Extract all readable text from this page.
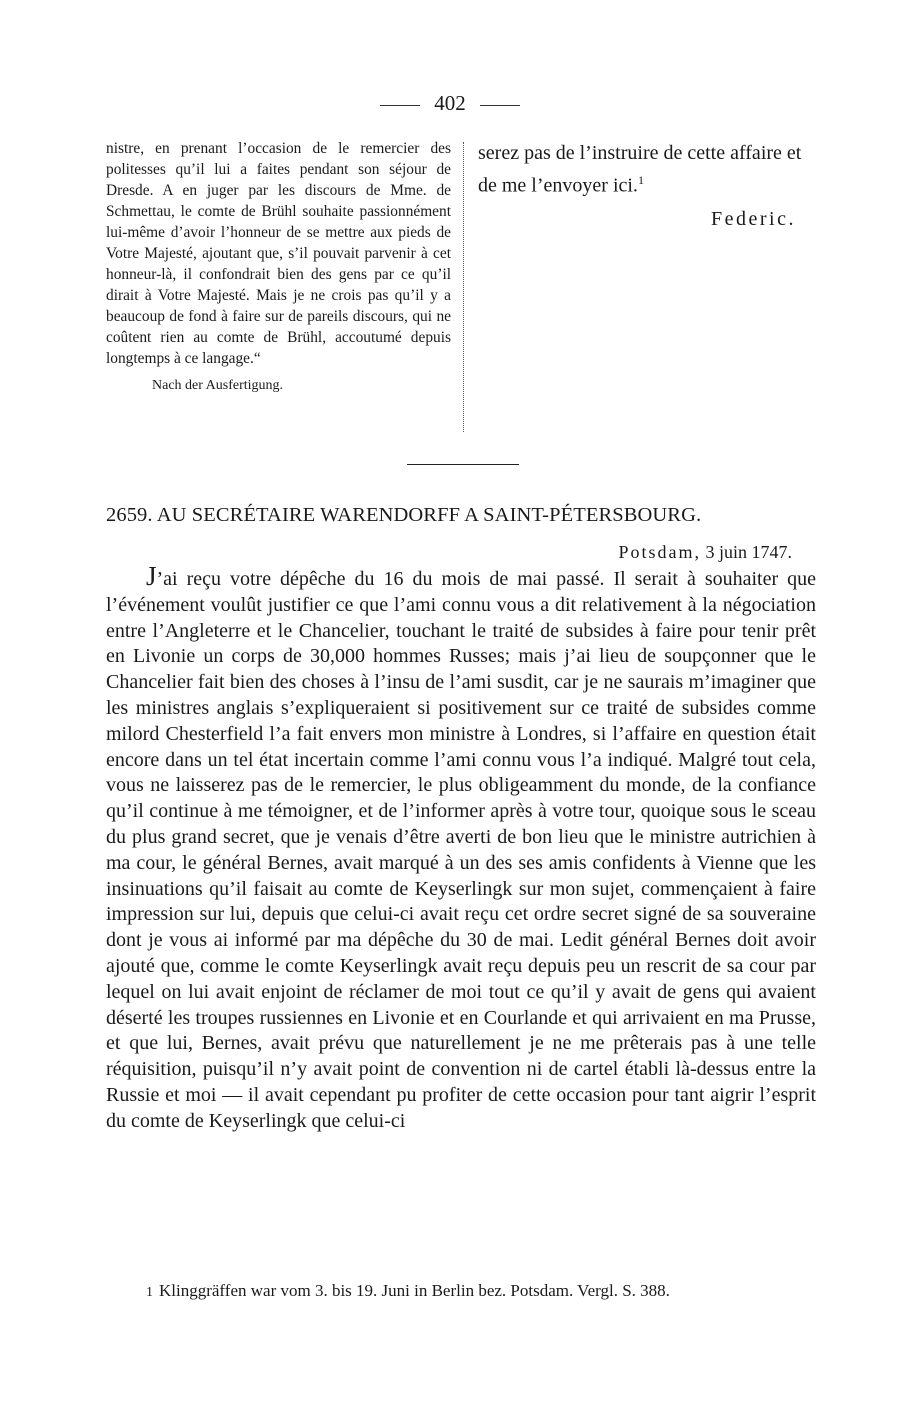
402

nistre, en prenant l’occasion de le remercier des politesses qu’il lui a faites pendant son séjour de Dresde. A en juger par les discours de Mme. de Schmettau, le comte de Brühl souhaite passionnément lui-même d’avoir l’honneur de se mettre aux pieds de Votre Majesté, ajoutant que, s’il pouvait parvenir à cet honneur-là, il confondrait bien des gens par ce qu’il dirait à Votre Majesté. Mais je ne crois pas qu’il y a beaucoup de fond à faire sur de pareils discours, qui ne coûtent rien au comte de Brühl, accoutumé depuis longtemps à ce langage.“

Nach der Ausfertigung.

serez pas de l’instruire de cette affaire et de me l’envoyer ici.$^1$

Federic.

2659. AU SECRÉTAIRE WARENDORFF A SAINT-PÉTERSBOURG.
Potsdam, 3 juin 1747.

J’ai reçu votre dépêche du 16 du mois de mai passé. Il serait à souhaiter que l’événement voulût justifier ce que l’ami connu vous a dit relativement à la négociation entre l’Angleterre et le Chancelier, touchant le traité de subsides à faire pour tenir prêt en Livonie un corps de 30,000 hommes Russes; mais j’ai lieu de soupçonner que le Chancelier fait bien des choses à l’insu de l’ami susdit, car je ne saurais m’imaginer que les ministres anglais s’expliqueraient si positivement sur ce traité de subsides comme milord Chesterfield l’a fait envers mon ministre à Londres, si l’affaire en question était encore dans un tel état incertain comme l’ami connu vous l’a indiqué. Malgré tout cela, vous ne laisserez pas de le remercier, le plus obligeamment du monde, de la confiance qu’il continue à me témoigner, et de l’informer après à votre tour, quoique sous le sceau du plus grand secret, que je venais d’être averti de bon lieu que le ministre autrichien à ma cour, le général Bernes, avait marqué à un des ses amis confidents à Vienne que les insinuations qu’il faisait au comte de Keyserlingk sur mon sujet, commençaient à faire impression sur lui, depuis que celui-ci avait reçu cet ordre secret signé de sa souveraine dont je vous ai informé par ma dépêche du 30 de mai. Ledit général Bernes doit avoir ajouté que, comme le comte Keyserlingk avait reçu depuis peu un rescrit de sa cour par lequel on lui avait enjoint de réclamer de moi tout ce qu’il y avait de gens qui avaient déserté les troupes russiennes en Livonie et en Courlande et qui arrivaient en ma Prusse, et que lui, Bernes, avait prévu que naturellement je ne me prêterais pas à une telle réquisition, puisqu’il n’y avait point de convention ni de cartel établi là-dessus entre la Russie et moi — il avait cependant pu profiter de cette occasion pour tant aigrir l’esprit du comte de Keyserlingk que celui-ci

1 Klinggräffen war vom 3. bis 19. Juni in Berlin bez. Potsdam. Vergl. S. 388.
